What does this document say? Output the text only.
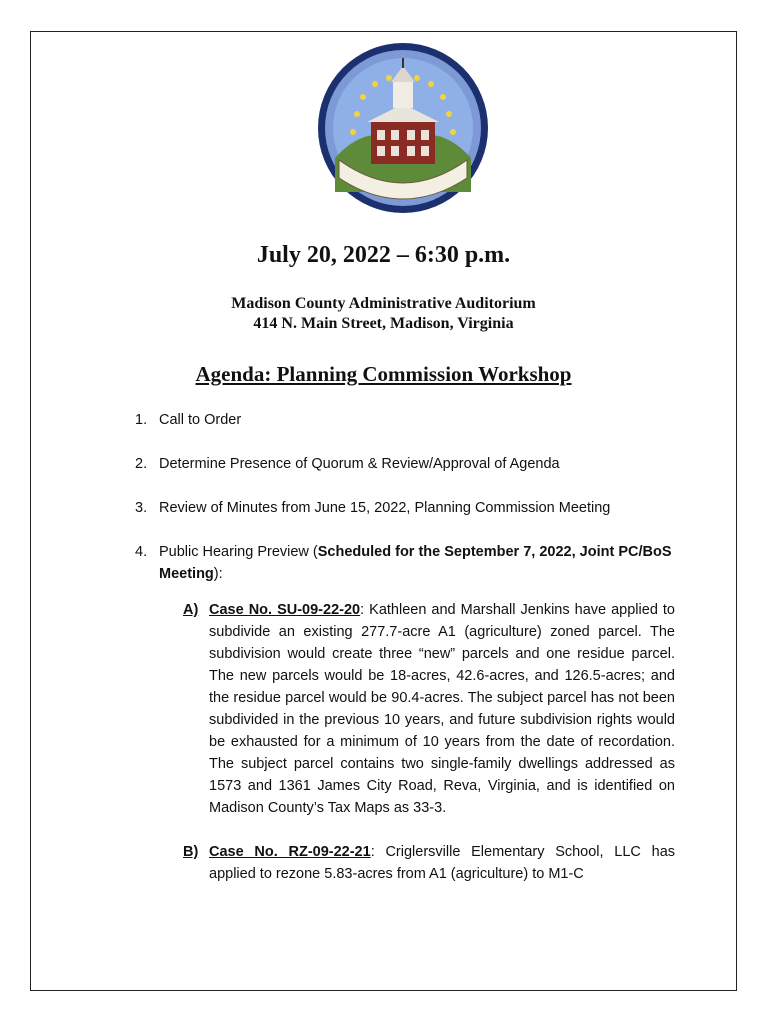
July 20, 2022 – 6:30 p.m.
Madison County Administrative Auditorium
414 N. Main Street, Madison, Virginia
Agenda: Planning Commission Workshop
1. Call to Order
2. Determine Presence of Quorum & Review/Approval of Agenda
3. Review of Minutes from June 15, 2022, Planning Commission Meeting
4. Public Hearing Preview (Scheduled for the September 7, 2022, Joint PC/BoS Meeting):
A) Case No. SU-09-22-20: Kathleen and Marshall Jenkins have applied to subdivide an existing 277.7-acre A1 (agriculture) zoned parcel. The subdivision would create three “new” parcels and one residue parcel. The new parcels would be 18-acres, 42.6-acres, and 126.5-acres; and the residue parcel would be 90.4-acres. The subject parcel has not been subdivided in the previous 10 years, and future subdivision rights would be exhausted for a minimum of 10 years from the date of recordation. The subject parcel contains two single-family dwellings addressed as 1573 and 1361 James City Road, Reva, Virginia, and is identified on Madison County’s Tax Maps as 33-3.
B) Case No. RZ-09-22-21: Criglersville Elementary School, LLC has applied to rezone 5.83-acres from A1 (agriculture) to M1-C
